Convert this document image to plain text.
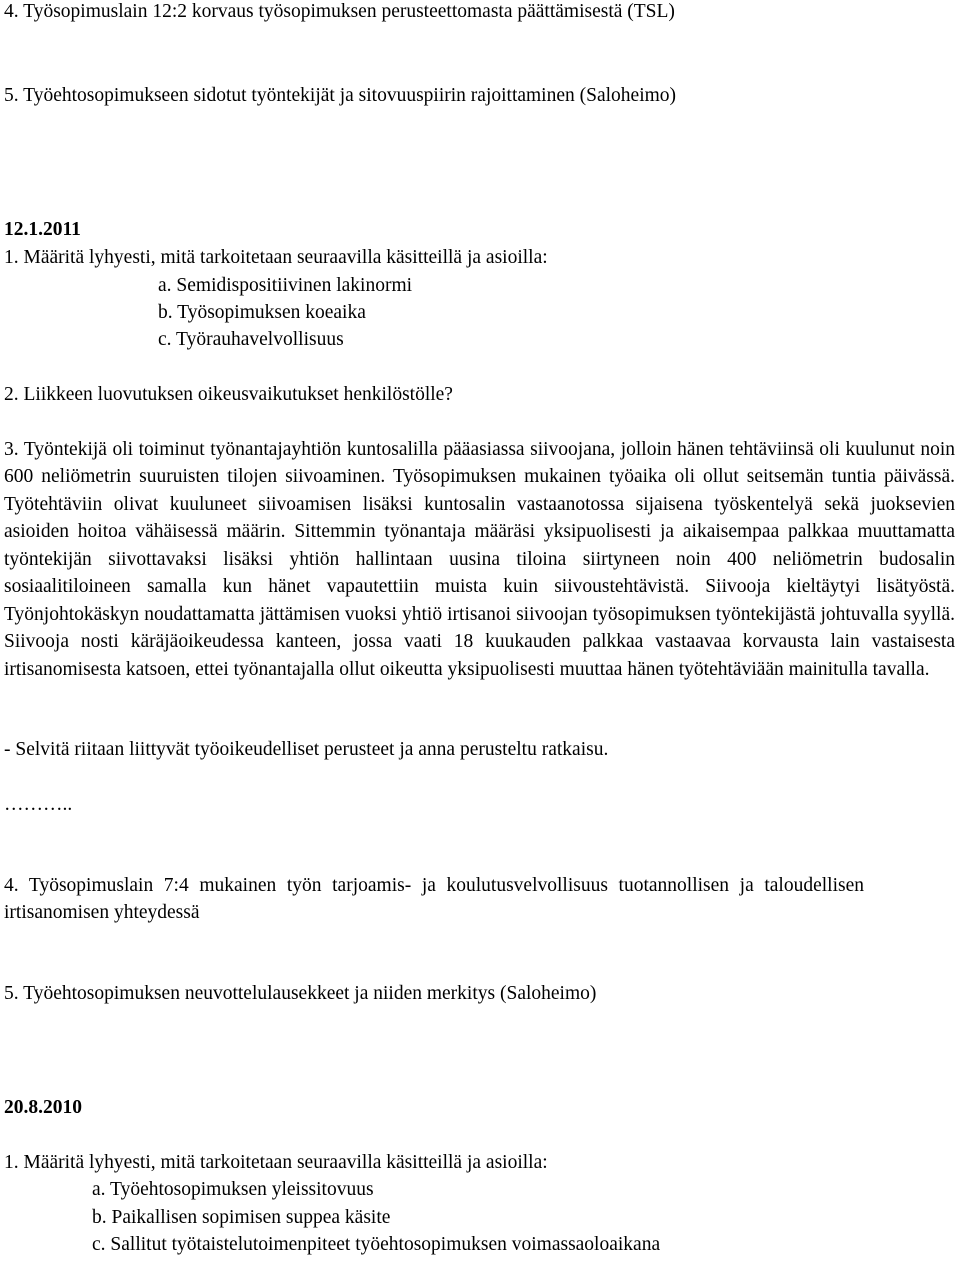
4. Työsopimuslain 12:2 korvaus työsopimuksen perusteettomasta päättämisestä (TSL)
5. Työehtosopimukseen sidotut työntekijät ja sitovuuspiirin rajoittaminen (Saloheimo)
12.1.2011
1. Määritä lyhyesti, mitä tarkoitetaan seuraavilla käsitteillä ja asioilla:
a. Semidispositiivinen lakinormi
b. Työsopimuksen koeaika
c. Työrauhavelvollisuus
2. Liikkeen luovutuksen oikeusvaikutukset henkilöstölle?
3. Työntekijä oli toiminut työnantajayhtiön kuntosalilla pääasiassa siivoojana, jolloin hänen tehtäviinsä oli kuulunut noin 600 neliömetrin suuruisten tilojen siivoaminen. Työsopimuksen mukainen työaika oli ollut seitsemän tuntia päivässä. Työtehtäviin olivat kuuluneet siivoamisen lisäksi kuntosalin vastaanotossa sijaisena työskentelyä sekä juoksevien asioiden hoitoa vähäisessä määrin. Sittemmin työnantaja määräsi yksipuolisesti ja aikaisempaa palkkaa muuttamatta työntekijän siivottavaksi lisäksi yhtiön hallintaan uusina tiloina siirtyneen noin 400 neliömetrin budosalin sosiaalitiloineen samalla kun hänet vapautettiin muista kuin siivoustehtävistä. Siivooja kieltäytyi lisätyöstä. Työnjohtokäskyn noudattamatta jättämisen vuoksi yhtiö irtisanoi siivoojan työsopimuksen työntekijästä johtuvalla syyllä. Siivooja nosti käräjäoikeudessa kanteen, jossa vaati 18 kuukauden palkkaa vastaavaa korvausta lain vastaisesta irtisanomisesta katsoen, ettei työnantajalla ollut oikeutta yksipuolisesti muuttaa hänen työtehtäviään mainitulla tavalla.
- Selvitä riitaan liittyvät työoikeudelliset perusteet ja anna perusteltu ratkaisu.
………..
4. Työsopimuslain 7:4 mukainen työn tarjoamis- ja koulutusvelvollisuus tuotannollisen ja taloudellisen irtisanomisen yhteydessä
5. Työehtosopimuksen neuvottelulausekkeet ja niiden merkitys (Saloheimo)
20.8.2010
1. Määritä lyhyesti, mitä tarkoitetaan seuraavilla käsitteillä ja asioilla:
a. Työehtosopimuksen yleissitovuus
b. Paikallisen sopimisen suppea käsite
c. Sallitut työtaistelutoimenpiteet työehtosopimuksen voimassaoloaikana
